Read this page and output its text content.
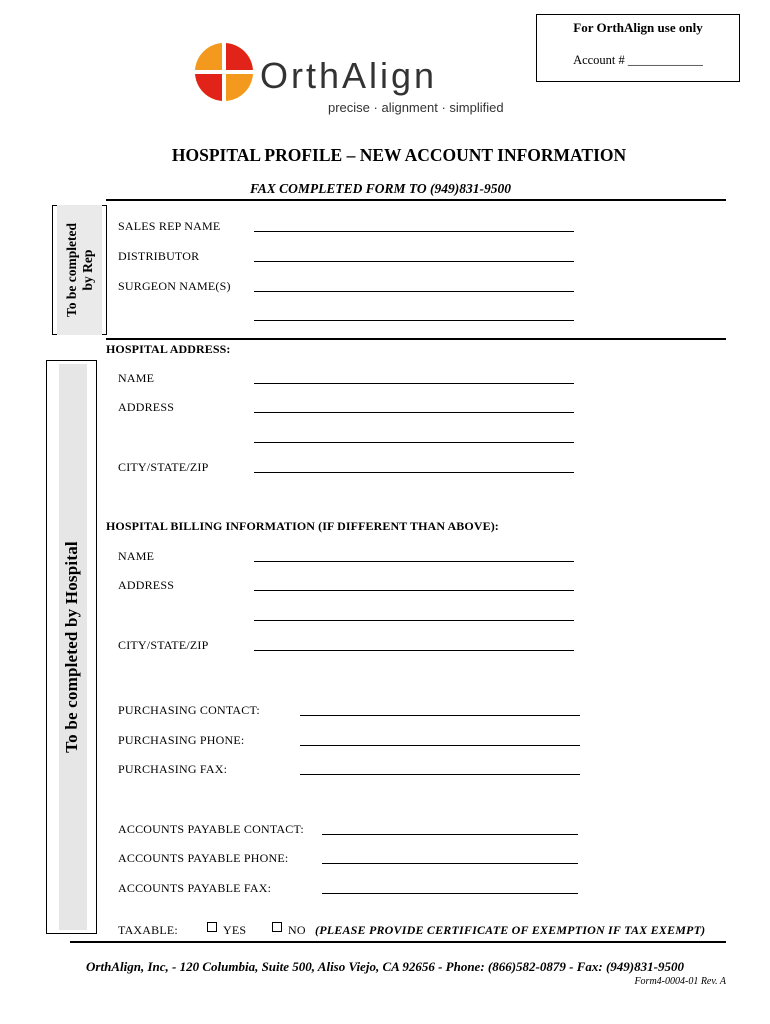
For OrthAlign use only
Account # ____________
OrthAlign
precise · alignment · simplified
HOSPITAL PROFILE – NEW ACCOUNT INFORMATION
FAX COMPLETED FORM TO (949)831-9500
To be completed
by Rep
To be completed by Hospital
SALES REP NAME
DISTRIBUTOR
SURGEON NAME(S)
HOSPITAL ADDRESS:
NAME
ADDRESS
CITY/STATE/ZIP
HOSPITAL BILLING INFORMATION (IF DIFFERENT THAN ABOVE):
NAME
ADDRESS
CITY/STATE/ZIP
PURCHASING CONTACT:
PURCHASING PHONE:
PURCHASING FAX:
ACCOUNTS PAYABLE CONTACT:
ACCOUNTS PAYABLE PHONE:
ACCOUNTS PAYABLE FAX:
TAXABLE:	YES	NO (PLEASE PROVIDE CERTIFICATE OF EXEMPTION IF TAX EXEMPT)
OrthAlign, Inc, - 120 Columbia, Suite 500, Aliso Viejo, CA 92656 - Phone: (866)582-0879 - Fax: (949)831-9500
Form4-0004-01 Rev. A
